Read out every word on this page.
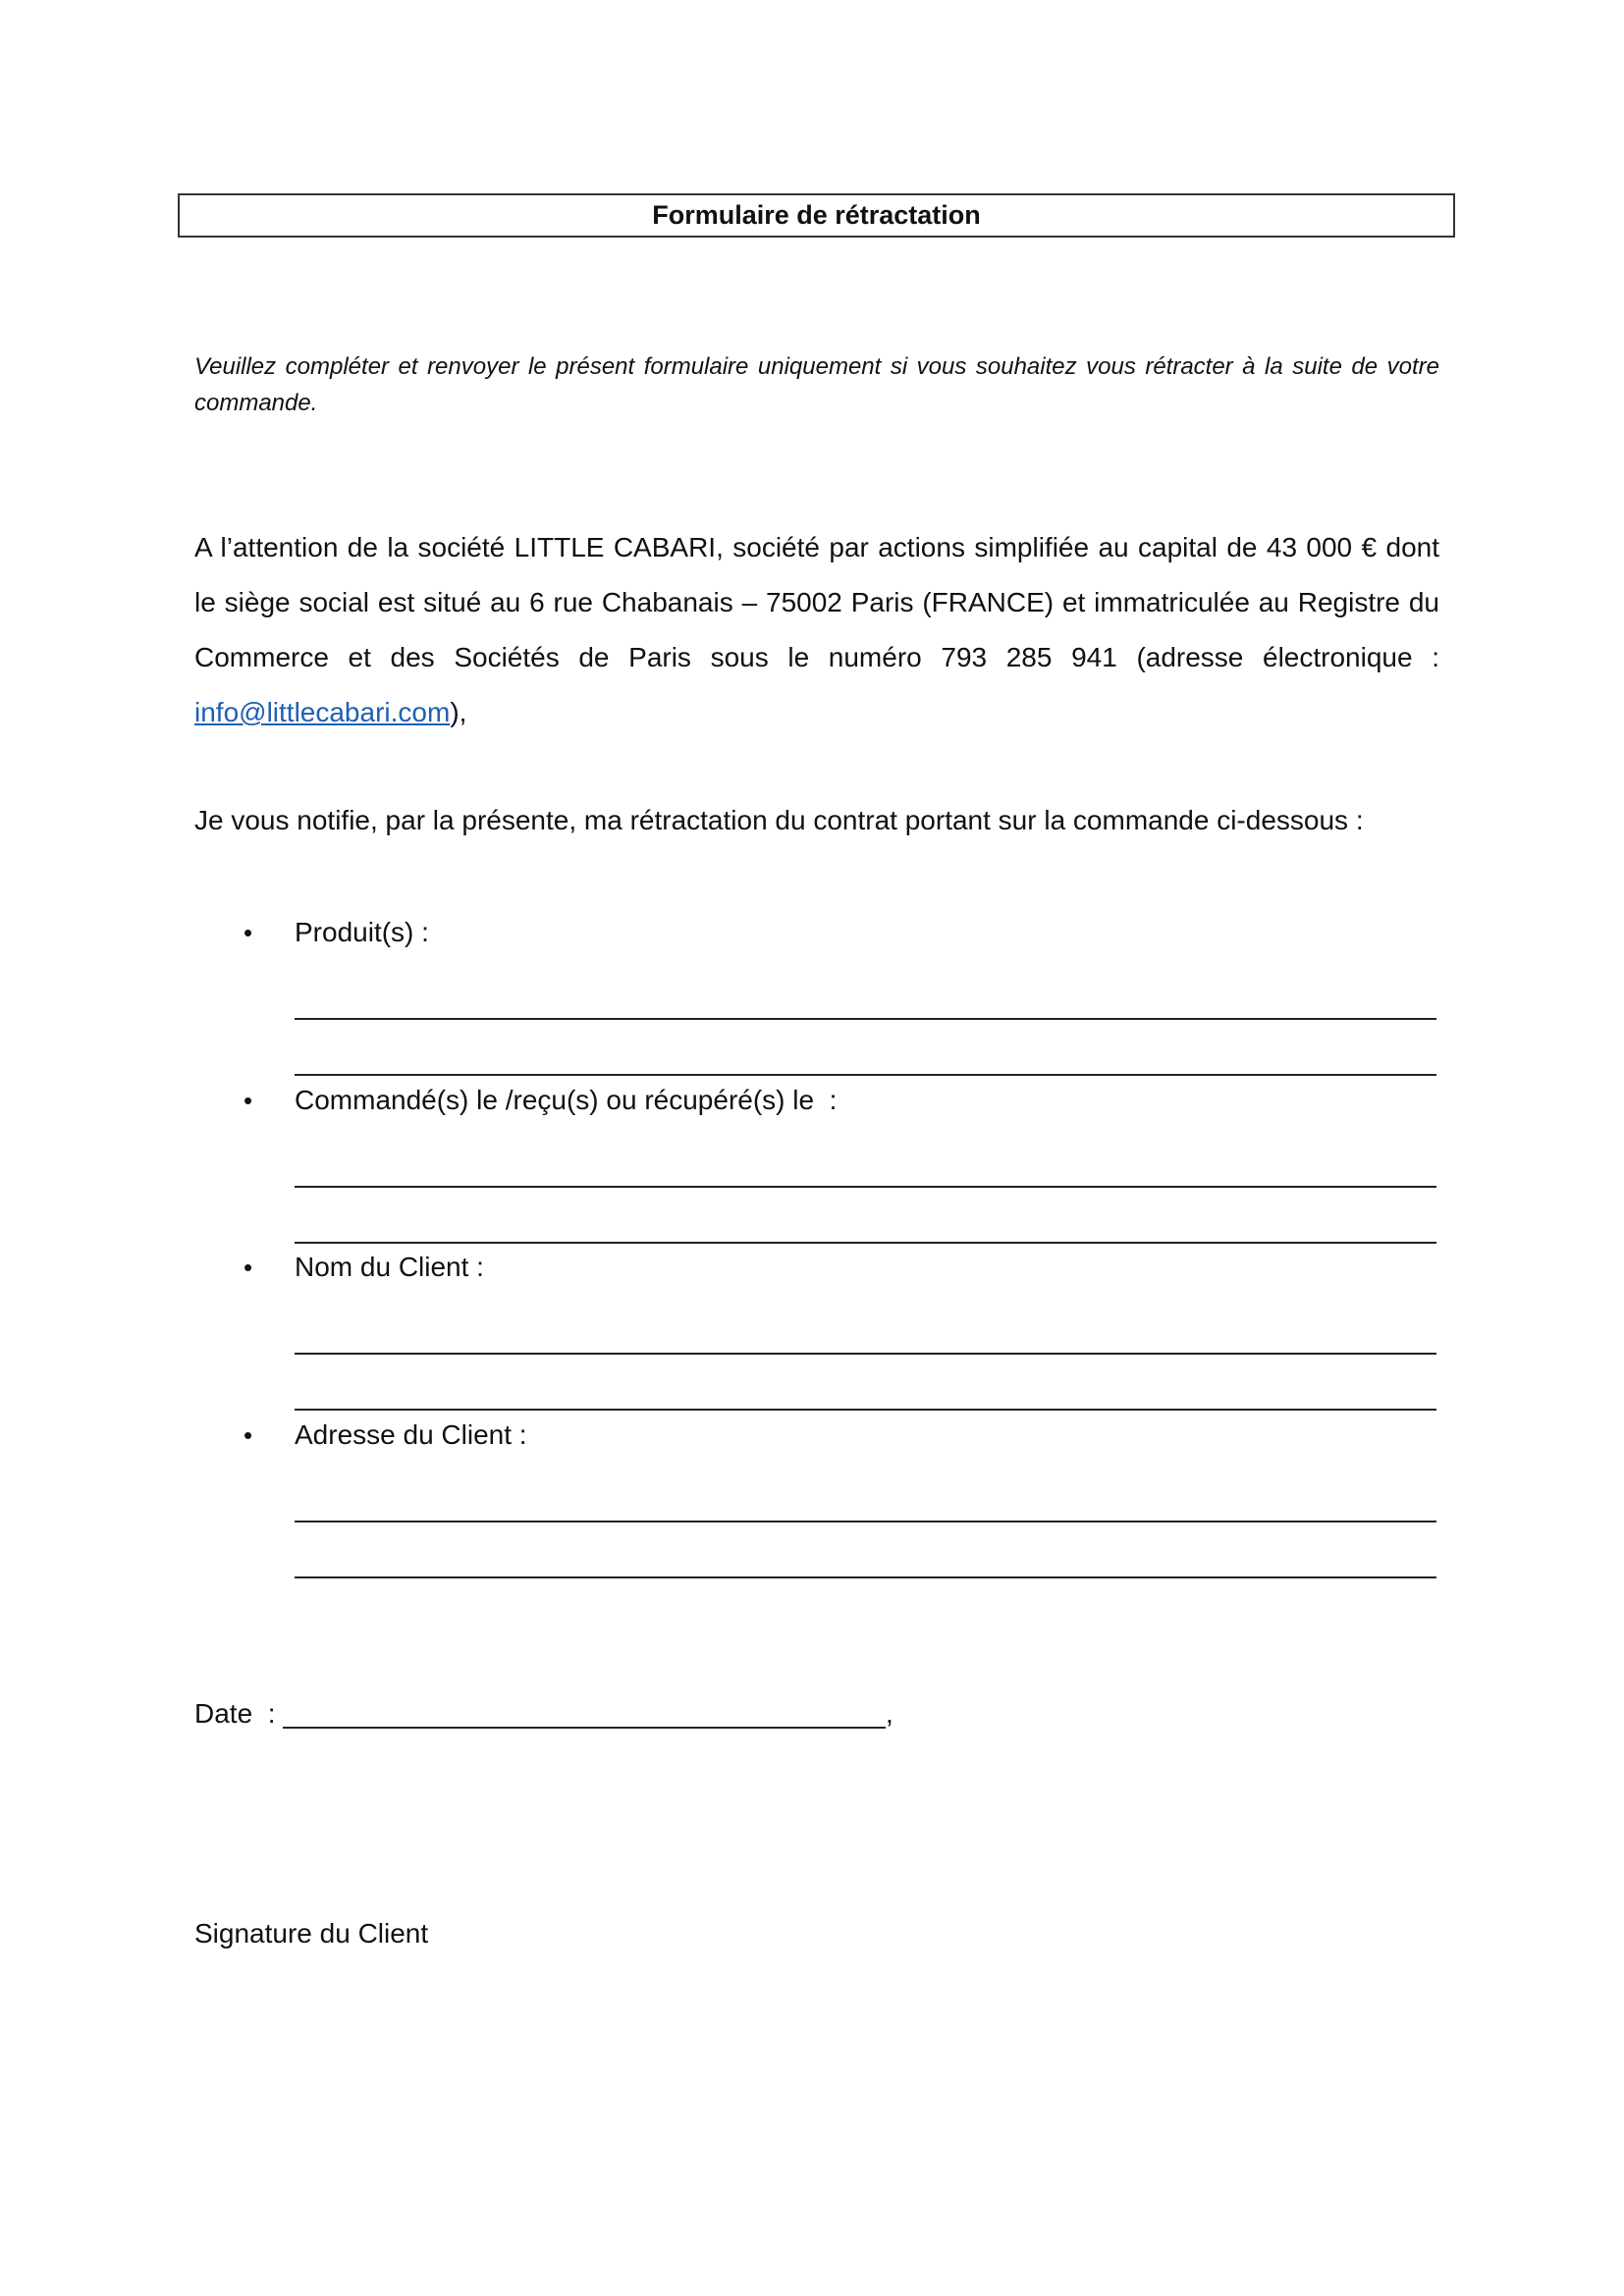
Formulaire de rétractation

Veuillez compléter et renvoyer le présent formulaire uniquement si vous souhaitez vous rétracter à la suite de votre commande.

A l’attention de la société LITTLE CABARI, société par actions simplifiée au capital de 43 000 € dont le siège social est situé au 6 rue Chabanais – 75002 Paris (FRANCE) et immatriculée au Registre du Commerce et des Sociétés de Paris sous le numéro 793 285 941 (adresse électronique : info@littlecabari.com),

Je vous notifie, par la présente, ma rétractation du contrat portant sur la commande ci-dessous :

• Produit(s) :
• Commandé(s) le /reçu(s) ou récupéré(s) le  :
• Nom du Client :
• Adresse du Client :
Date  :	,
Signature du Client
